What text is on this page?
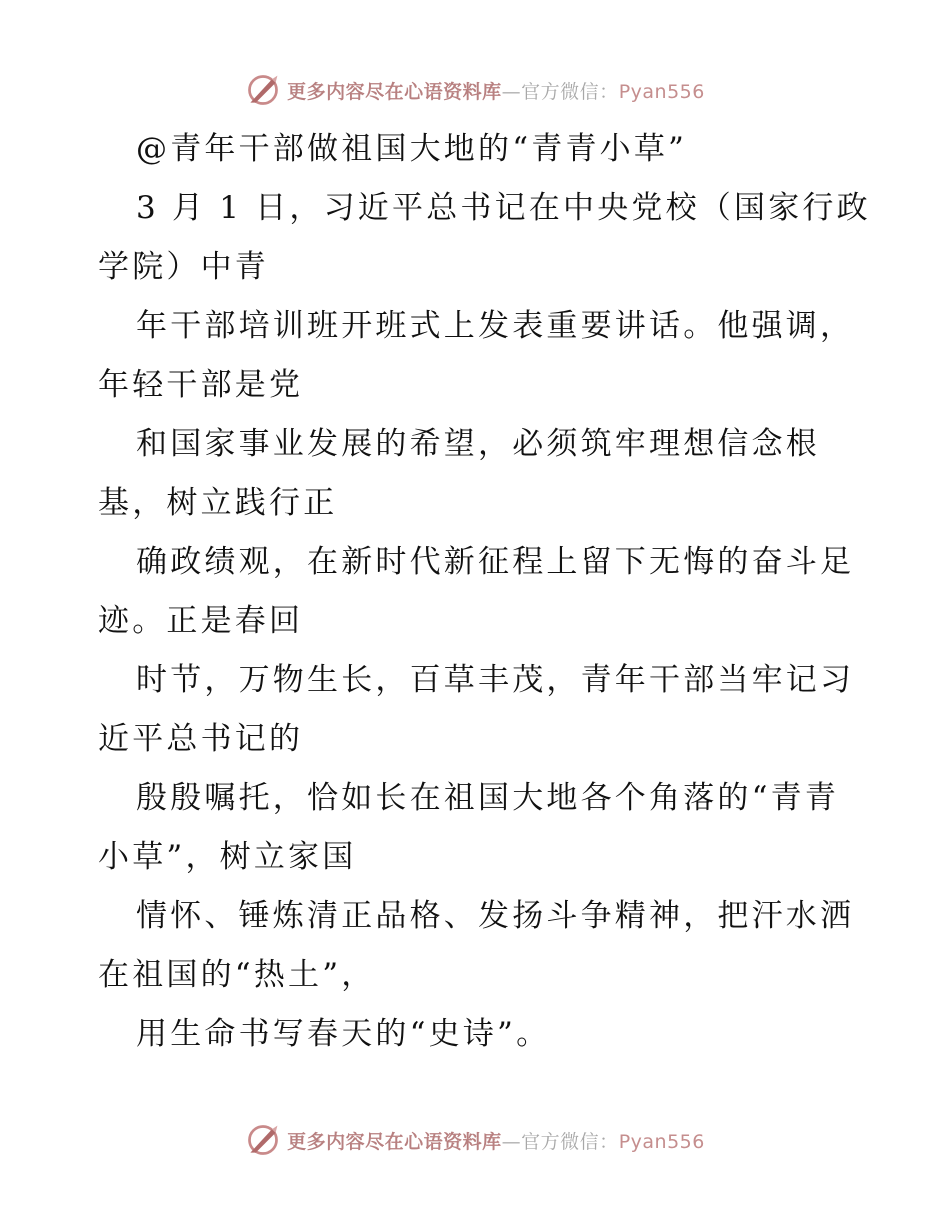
更多内容尽在心语资料库—官方微信：Pyan556
@青年干部做祖国大地的“青青小草”
3 月 1 日，习近平总书记在中央党校（国家行政
学院）中青
年干部培训班开班式上发表重要讲话。他强调，
年轻干部是党
和国家事业发展的希望，必须筑牢理想信念根
基，树立践行正
确政绩观，在新时代新征程上留下无悔的奋斗足
迹。正是春回
时节，万物生长，百草丰茂，青年干部当牢记习
近平总书记的
殷殷嘱托，恰如长在祖国大地各个角落的“青青
小草”，树立家国
情怀、锤炼清正品格、发扬斗争精神，把汗水洒
在祖国的“热土”，
用生命书写春天的“史诗”。
更多内容尽在心语资料库—官方微信：Pyan556
